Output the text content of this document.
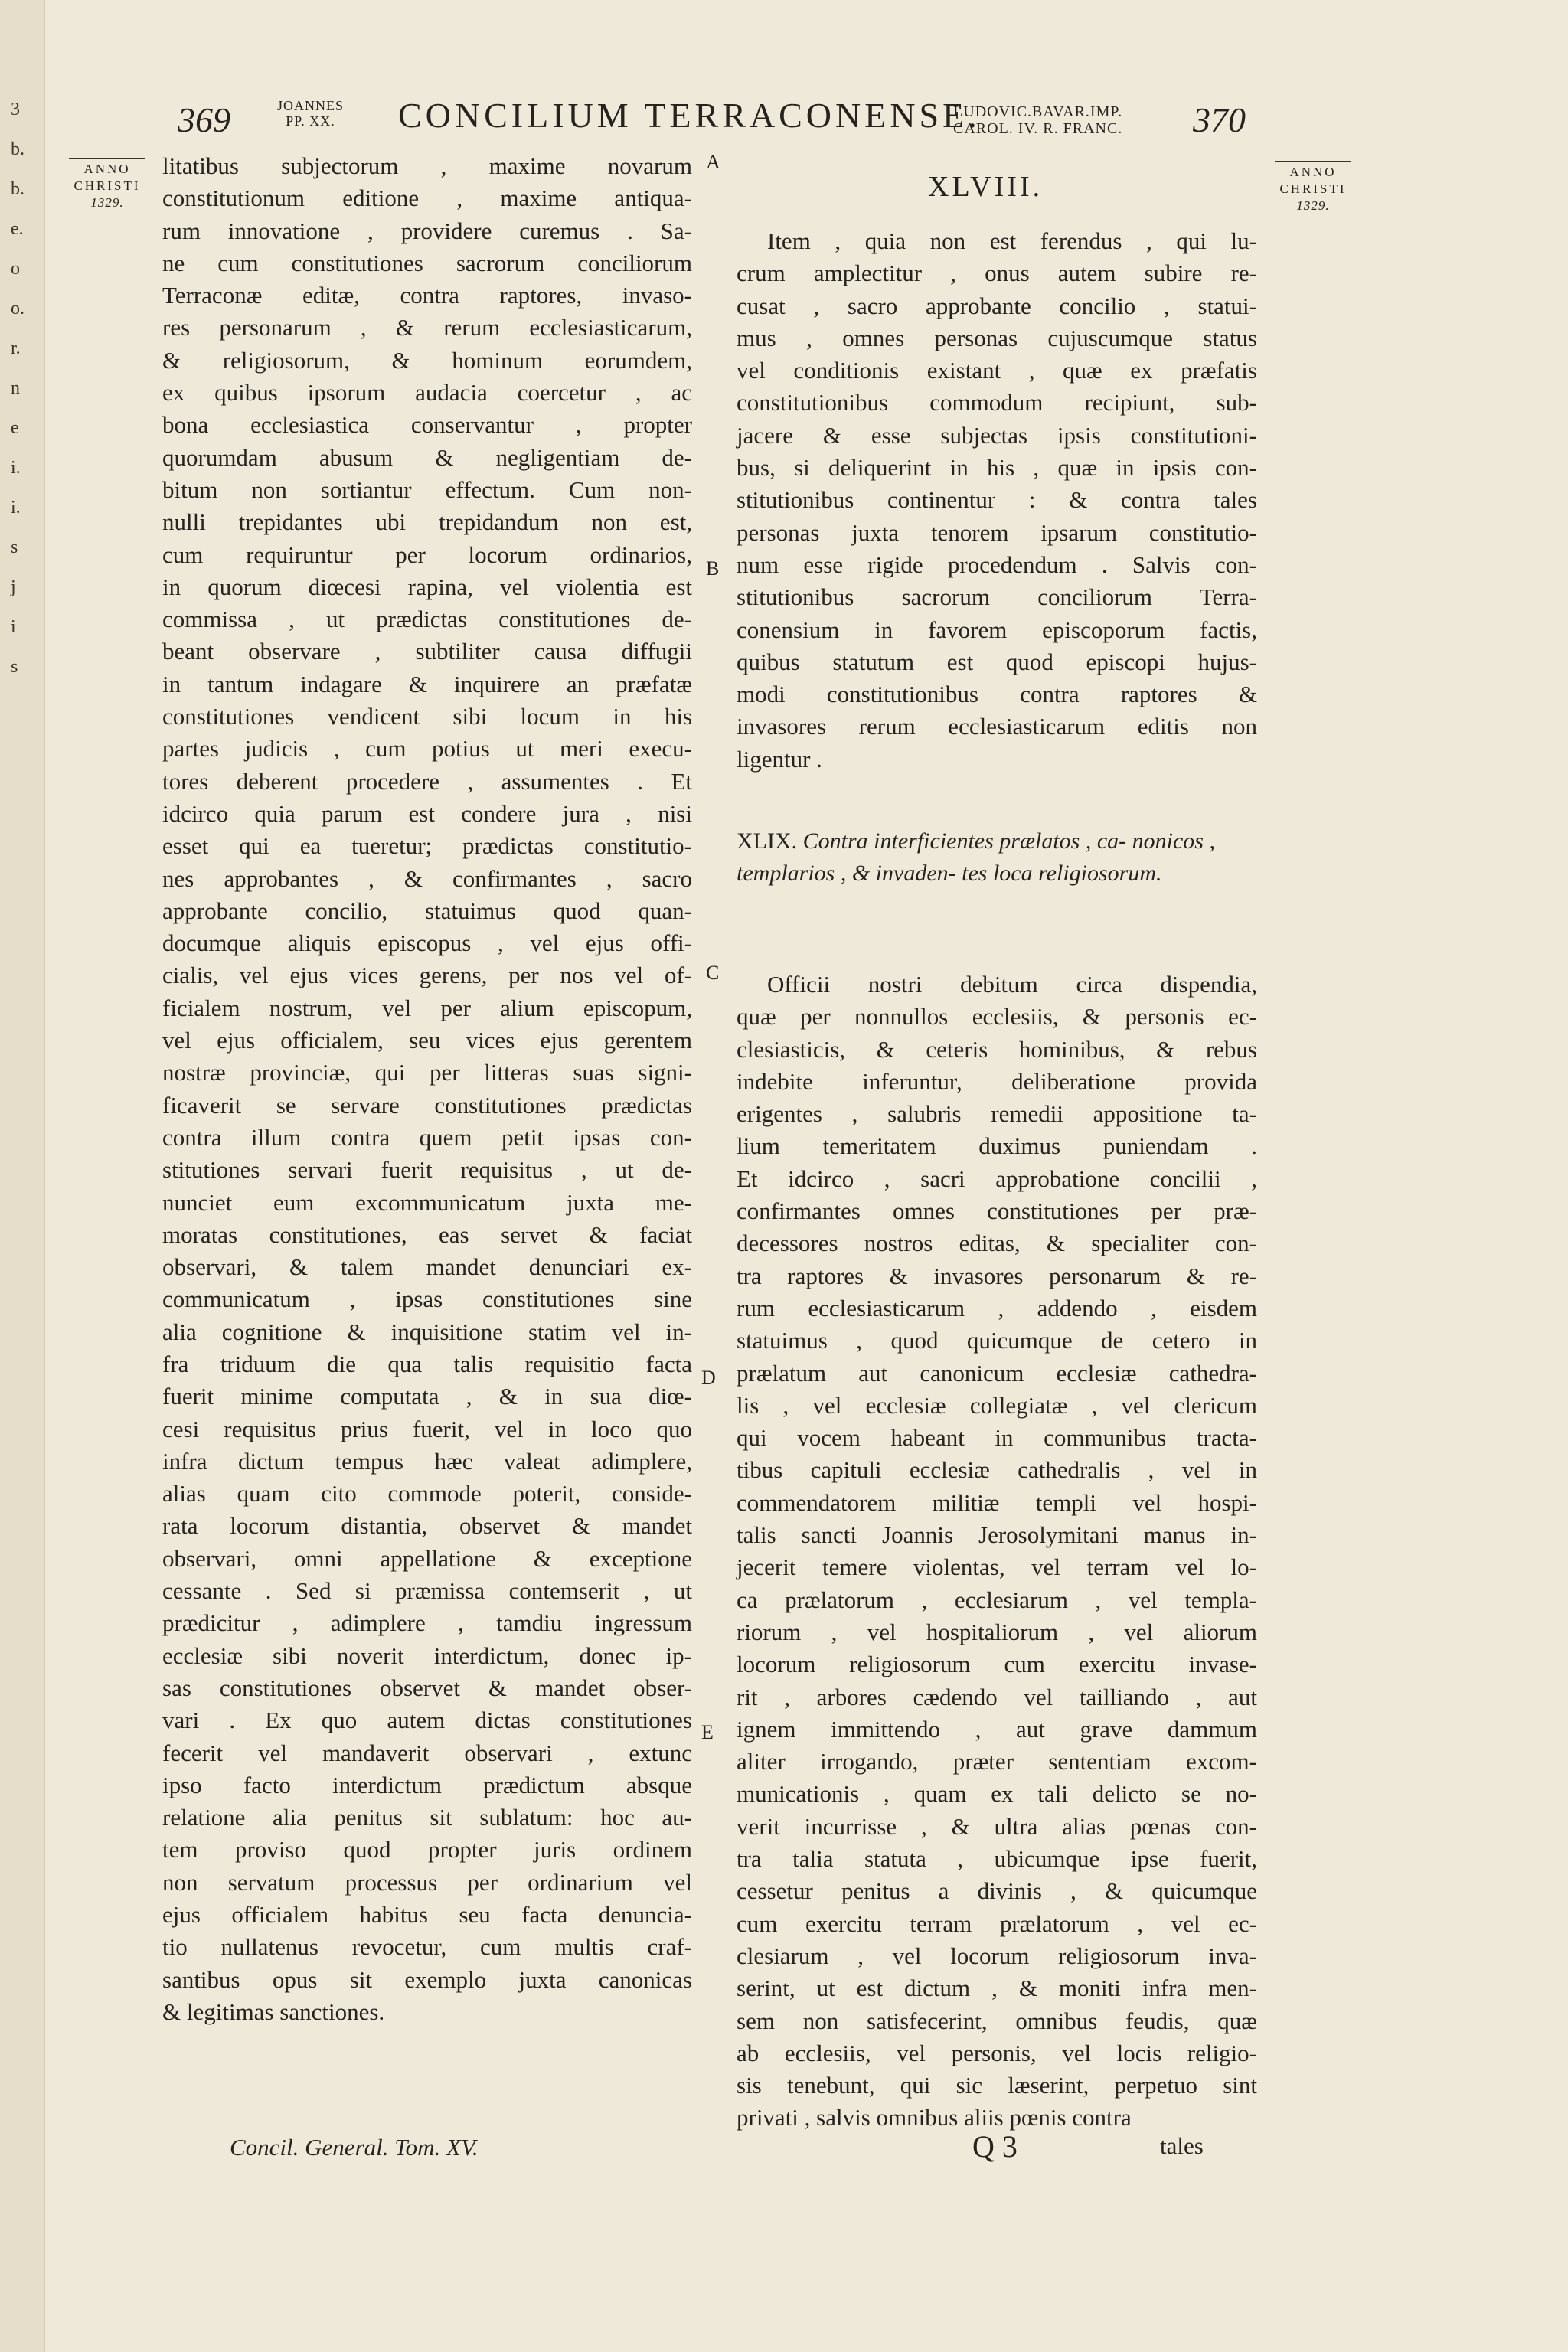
3
b.
b.
e.
o
o.
r.
n
e
i.
i.
s
j
i
s
369	JOANNES
PP. XX. CONCILIUM TERRACONENSE.
LUDOVIC.BAVAR.IMP.
CAROL. IV. R. FRANC. 370
ANNO
CHRISTI
1329.
ANNO
CHRISTI
1329.
A
B
C
D
E
litatibus subjectorum , maxime novarum
constitutionum editione , maxime antiqua-
rum innovatione , providere curemus . Sa-
ne cum constitutiones sacrorum conciliorum
Terraconæ editæ, contra raptores, invaso-
res personarum , & rerum ecclesiasticarum,
& religiosorum, & hominum eorumdem,
ex quibus ipsorum audacia coercetur , ac
bona ecclesiastica conservantur , propter
quorumdam abusum & negligentiam de-
bitum non sortiantur effectum. Cum non-
nulli trepidantes ubi trepidandum non est,
cum requiruntur per locorum ordinarios,
in quorum diœcesi rapina, vel violentia est
commissa , ut prædictas constitutiones de-
beant observare , subtiliter causa diffugii
in tantum indagare & inquirere an præfatæ
constitutiones vendicent sibi locum in his
partes judicis , cum potius ut meri execu-
tores deberent procedere , assumentes . Et
idcirco quia parum est condere jura , nisi
esset qui ea tueretur; prædictas constitutio-
nes approbantes , & confirmantes , sacro
approbante concilio, statuimus quod quan-
documque aliquis episcopus , vel ejus offi-
cialis, vel ejus vices gerens, per nos vel of-
ficialem nostrum, vel per alium episcopum,
vel ejus officialem, seu vices ejus gerentem
nostræ provinciæ, qui per litteras suas signi-
ficaverit se servare constitutiones prædictas
contra illum contra quem petit ipsas con-
stitutiones servari fuerit requisitus , ut de-
nunciet eum excommunicatum juxta me-
moratas constitutiones, eas servet & faciat
observari, & talem mandet denunciari ex-
communicatum , ipsas constitutiones sine
alia cognitione & inquisitione statim vel in-
fra triduum die qua talis requisitio facta
fuerit minime computata , & in sua diœ-
cesi requisitus prius fuerit, vel in loco quo
infra dictum tempus hæc valeat adimplere,
alias quam cito commode poterit, conside-
rata locorum distantia, observet & mandet
observari, omni appellatione & exceptione
cessante . Sed si præmissa contemserit , ut
prædicitur , adimplere , tamdiu ingressum
ecclesiæ sibi noverit interdictum, donec ip-
sas constitutiones observet & mandet obser-
vari . Ex quo autem dictas constitutiones
fecerit vel mandaverit observari , extunc
ipso facto interdictum prædictum absque
relatione alia penitus sit sublatum: hoc au-
tem proviso quod propter juris ordinem
non servatum processus per ordinarium vel
ejus officialem habitus seu facta denuncia-
tio nullatenus revocetur, cum multis craf-
santibus opus sit exemplo juxta canonicas
& legitimas sanctiones.
XLVIII.
Item , quia non est ferendus , qui lu-
crum amplectitur , onus autem subire re-
cusat , sacro approbante concilio , statui-
mus , omnes personas cujuscumque status
vel conditionis existant , quæ ex præfatis
constitutionibus commodum recipiunt, sub-
jacere & esse subjectas ipsis constitutioni-
bus, si deliquerint in his , quæ in ipsis con-
stitutionibus continentur : & contra tales
personas juxta tenorem ipsarum constitutio-
num esse rigide procedendum . Salvis con-
stitutionibus sacrorum conciliorum Terra-
conensium in favorem episcoporum factis,
quibus statutum est quod episcopi hujus-
modi constitutionibus contra raptores &
invasores rerum ecclesiasticarum editis non
ligentur .
XLIX. Contra interficientes prælatos , ca- nonicos , templarios , & invaden- tes loca religiosorum.
Officii nostri debitum circa dispendia,
quæ per nonnullos ecclesiis, & personis ec-
clesiasticis, & ceteris hominibus, & rebus
indebite inferuntur, deliberatione provida
erigentes , salubris remedii appositione ta-
lium temeritatem duximus puniendam .
Et idcirco , sacri approbatione concilii ,
confirmantes omnes constitutiones per præ-
decessores nostros editas, & specialiter con-
tra raptores & invasores personarum & re-
rum ecclesiasticarum , addendo , eisdem
statuimus , quod quicumque de cetero in
prælatum aut canonicum ecclesiæ cathedra-
lis , vel ecclesiæ collegiatæ , vel clericum
qui vocem habeant in communibus tracta-
tibus capituli ecclesiæ cathedralis , vel in
commendatorem militiæ templi vel hospi-
talis sancti Joannis Jerosolymitani manus in-
jecerit temere violentas, vel terram vel lo-
ca prælatorum , ecclesiarum , vel templa-
riorum , vel hospitaliorum , vel aliorum
locorum religiosorum cum exercitu invase-
rit , arbores cædendo vel tailliando , aut
ignem immittendo , aut grave dammum
aliter irrogando, præter sententiam excom-
municationis , quam ex tali delicto se no-
verit incurrisse , & ultra alias pœnas con-
tra talia statuta , ubicumque ipse fuerit,
cessetur penitus a divinis , & quicumque
cum exercitu terram prælatorum , vel ec-
clesiarum , vel locorum religiosorum inva-
serint, ut est dictum , & moniti infra men-
sem non satisfecerint, omnibus feudis, quæ
ab ecclesiis, vel personis, vel locis religio-
sis tenebunt, qui sic læserint, perpetuo sint
privati , salvis omnibus aliis pœnis contra
Concil. General. Tom. XV.	Q 3	tales
